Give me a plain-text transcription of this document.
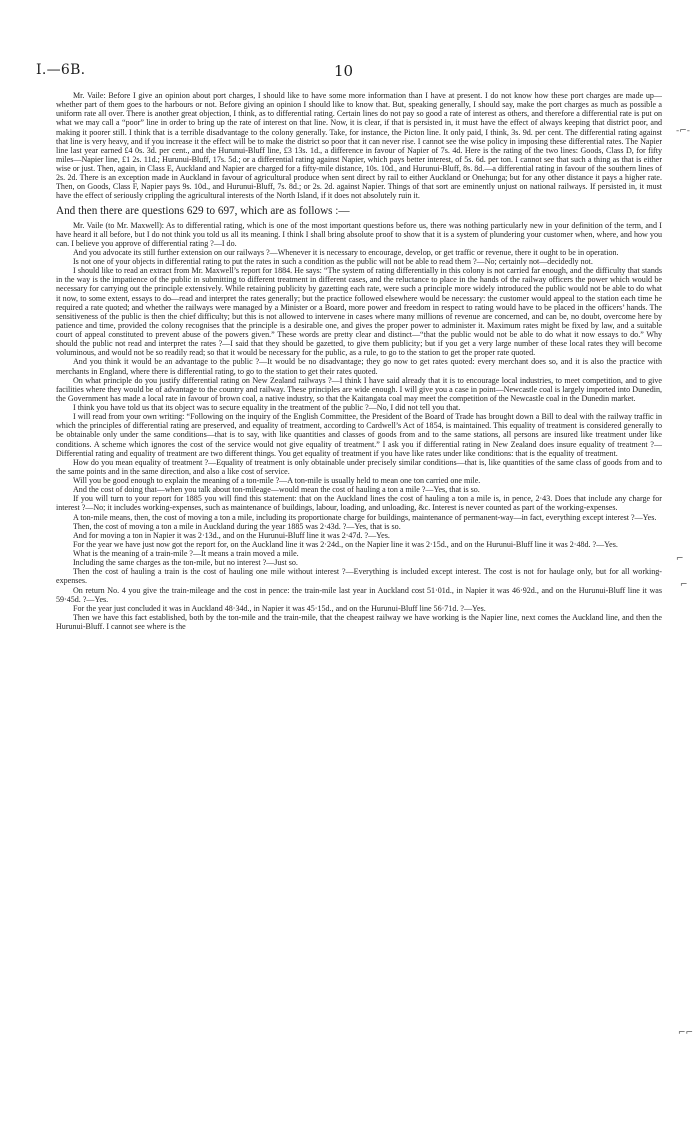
I.—6B.	10
-⌐-
⌐
⌐
⌐⌐

Mr. Vaile: Before I give an opinion about port charges, I should like to have some more information than I have at present. I do not know how these port charges are made up—whether part of them goes to the harbours or not. Before giving an opinion I should like to know that. But, speaking generally, I should say, make the port charges as much as possible a uniform rate all over. There is another great objection, I think, as to differential rating. Certain lines do not pay so good a rate of interest as others, and therefore a differential rate is put on what we may call a “poor” line in order to bring up the rate of interest on that line. Now, it is clear, if that is persisted in, it must have the effect of always keeping that district poor, and making it poorer still. I think that is a terrible disadvantage to the colony generally. Take, for instance, the Picton line. It only paid, I think, 3s. 9d. per cent. The differential rating against that line is very heavy, and if you increase it the effect will be to make the district so poor that it can never rise. I cannot see the wise policy in imposing these differential rates. The Napier line last year earned £4 0s. 3d. per cent., and the Hurunui-Bluff line, £3 13s. 1d., a difference in favour of Napier of 7s. 4d. Here is the rating of the two lines: Goods, Class D, for fifty miles—Napier line, £1 2s. 11d.; Hurunui-Bluff, 17s. 5d.; or a differential rating against Napier, which pays better interest, of 5s. 6d. per ton. I cannot see that such a thing as that is either wise or just. Then, again, in Class E, Auckland and Napier are charged for a fifty-mile distance, 10s. 10d., and Hurunui-Bluff, 8s. 8d.—a differential rating in favour of the southern lines of 2s. 2d. There is an exception made in Auckland in favour of agricultural produce when sent direct by rail to either Auckland or Onehunga; but for any other distance it pays a higher rate. Then, on Goods, Class F, Napier pays 9s. 10d., and Hurunui-Bluff, 7s. 8d.; or 2s. 2d. against Napier. Things of that sort are eminently unjust on national railways. If persisted in, it must have the effect of seriously crippling the agricultural interests of the North Island, if it does not absolutely ruin it.

And then there are questions 629 to 697, which are as follows :—

Mr. Vaile (to Mr. Maxwell): As to differential rating, which is one of the most important questions before us, there was nothing particularly new in your definition of the term, and I have heard it all before, but I do not think you told us all its meaning. I think I shall bring absolute proof to show that it is a system of plundering your customer when, where, and how you can. I believe you approve of differential rating ?—I do.

And you advocate its still further extension on our railways ?—Whenever it is necessary to encourage, develop, or get traffic or revenue, there it ought to be in operation.

Is not one of your objects in differential rating to put the rates in such a condition as the public will not be able to read them ?—No; certainly not—decidedly not.

I should like to read an extract from Mr. Maxwell’s report for 1884. He says: “The system of rating differentially in this colony is not carried far enough, and the difficulty that stands in the way is the impatience of the public in submitting to different treatment in different cases, and the reluctance to place in the hands of the railway officers the power which would be necessary for carrying out the principle extensively. While retaining publicity by gazetting each rate, were such a principle more widely introduced the public would not be able to do what it now, to some extent, essays to do—read and interpret the rates generally; but the practice followed elsewhere would be necessary: the customer would appeal to the station each time he required a rate quoted; and whether the railways were managed by a Minister or a Board, more power and freedom in respect to rating would have to be placed in the officers’ hands. The sensitiveness of the public is then the chief difficulty; but this is not allowed to intervene in cases where many millions of revenue are concerned, and can be, no doubt, overcome here by patience and time, provided the colony recognises that the principle is a desirable one, and gives the proper power to administer it. Maximum rates might be fixed by law, and a suitable court of appeal constituted to prevent abuse of the powers given.” These words are pretty clear and distinct—“that the public would not be able to do what it now essays to do.” Why should the public not read and interpret the rates ?—I said that they should be gazetted, to give them publicity; but if you get a very large number of these local rates they will become voluminous, and would not be so readily read; so that it would be necessary for the public, as a rule, to go to the station to get the proper rate quoted.

And you think it would be an advantage to the public ?—It would be no disadvantage; they go now to get rates quoted: every merchant does so, and it is also the practice with merchants in England, where there is differential rating, to go to the station to get their rates quoted.

On what principle do you justify differential rating on New Zealand railways ?—I think I have said already that it is to encourage local industries, to meet competition, and to give facilities where they would be of advantage to the country and railway. These principles are wide enough. I will give you a case in point—Newcastle coal is largely imported into Dunedin, the Government has made a local rate in favour of brown coal, a native industry, so that the Kaitangata coal may meet the competition of the Newcastle coal in the Dunedin market.

I think you have told us that its object was to secure equality in the treatment of the public ?—No, I did not tell you that.

I will read from your own writing: “Following on the inquiry of the English Committee, the President of the Board of Trade has brought down a Bill to deal with the railway traffic in which the principles of differential rating are preserved, and equality of treatment, according to Cardwell’s Act of 1854, is maintained. This equality of treatment is considered generally to be obtainable only under the same conditions—that is to say, with like quantities and classes of goods from and to the same stations, all persons are insured like treatment under like conditions. A scheme which ignores the cost of the service would not give equality of treatment.” I ask you if differential rating in New Zealand does insure equality of treatment ?—Differential rating and equality of treatment are two different things. You get equality of treatment if you have like rates under like conditions: that is the equality of treatment.

How do you mean equality of treatment ?—Equality of treatment is only obtainable under precisely similar conditions—that is, like quantities of the same class of goods from and to the same points and in the same direction, and also a like cost of service.

Will you be good enough to explain the meaning of a ton-mile ?—A ton-mile is usually held to mean one ton carried one mile.

And the cost of doing that—when you talk about ton-mileage—would mean the cost of hauling a ton a mile ?—Yes, that is so.

If you will turn to your report for 1885 you will find this statement: that on the Auckland lines the cost of hauling a ton a mile is, in pence, 2·43. Does that include any charge for interest ?—No; it includes working-expenses, such as maintenance of buildings, labour, loading, and unloading, &c. Interest is never counted as part of the working-expenses.

A ton-mile means, then, the cost of moving a ton a mile, including its proportionate charge for buildings, maintenance of permanent-way—in fact, everything except interest ?—Yes.

Then, the cost of moving a ton a mile in Auckland during the year 1885 was 2·43d. ?—Yes, that is so.

And for moving a ton in Napier it was 2·13d., and on the Hurunui-Bluff line it was 2·47d. ?—Yes.

For the year we have just now got the report for, on the Auckland line it was 2·24d., on the Napier line it was 2·15d., and on the Hurunui-Bluff line it was 2·48d. ?—Yes.

What is the meaning of a train-mile ?—It means a train moved a mile.

Including the same charges as the ton-mile, but no interest ?—Just so.

Then the cost of hauling a train is the cost of hauling one mile without interest ?—Everything is included except interest. The cost is not for haulage only, but for all working-expenses.

On return No. 4 you give the train-mileage and the cost in pence: the train-mile last year in Auckland cost 51·01d., in Napier it was 46·92d., and on the Hurunui-Bluff line it was 59·45d. ?—Yes.

For the year just concluded it was in Auckland 48·34d., in Napier it was 45·15d., and on the Hurunui-Bluff line 56·71d. ?—Yes.

Then we have this fact established, both by the ton-mile and the train-mile, that the cheapest railway we have working is the Napier line, next comes the Auckland line, and then the Hurunui-Bluff. I cannot see where is the
